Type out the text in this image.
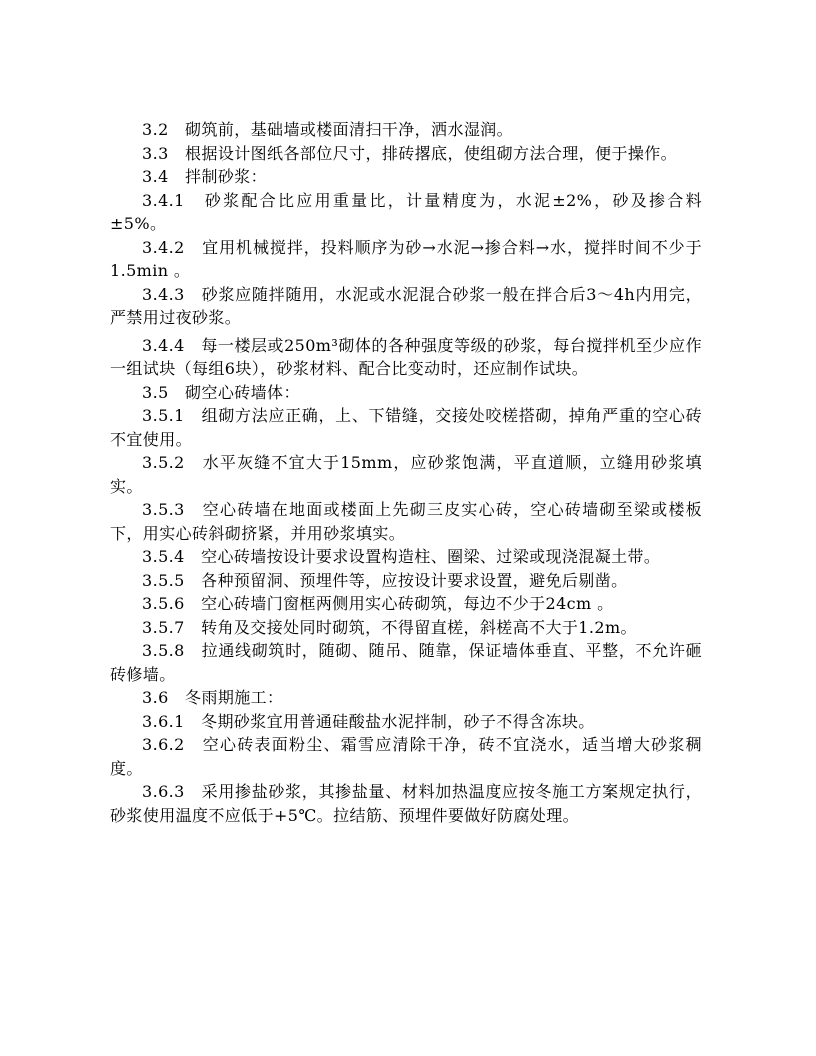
3.2　砌筑前，基础墙或楼面清扫干净，洒水湿润。

3.3　根据设计图纸各部位尺寸，排砖撂底，使组砌方法合理，便于操作。

3.4　拌制砂浆：

3.4.1　砂浆配合比应用重量比，计量精度为，水泥±2%，砂及掺合料±5%。

3.4.2　宜用机械搅拌，投料顺序为砂→水泥→掺合料→水，搅拌时间不少于1.5min 。

3.4.3　砂浆应随拌随用，水泥或水泥混合砂浆一般在拌合后3～4h内用完，严禁用过夜砂浆。

3.4.4　每一楼层或250m³砌体的各种强度等级的砂浆，每台搅拌机至少应作一组试块（每组6块），砂浆材料、配合比变动时，还应制作试块。

3.5　砌空心砖墙体：

3.5.1　组砌方法应正确，上、下错缝，交接处咬槎搭砌，掉角严重的空心砖不宜使用。

3.5.2　水平灰缝不宜大于15mm，应砂浆饱满，平直道顺，立缝用砂浆填实。

3.5.3　空心砖墙在地面或楼面上先砌三皮实心砖，空心砖墙砌至梁或楼板下，用实心砖斜砌挤紧，并用砂浆填实。

3.5.4　空心砖墙按设计要求设置构造柱、圈梁、过梁或现浇混凝土带。

3.5.5　各种预留洞、预埋件等，应按设计要求设置，避免后剔凿。

3.5.6　空心砖墙门窗框两侧用实心砖砌筑，每边不少于24cm 。

3.5.7　转角及交接处同时砌筑，不得留直槎，斜槎高不大于1.2m。

3.5.8　拉通线砌筑时，随砌、随吊、随靠，保证墙体垂直、平整，不允许砸砖修墙。

3.6　冬雨期施工：

3.6.1　冬期砂浆宜用普通硅酸盐水泥拌制，砂子不得含冻块。

3.6.2　空心砖表面粉尘、霜雪应清除干净，砖不宜浇水，适当增大砂浆稠度。

3.6.3　采用掺盐砂浆，其掺盐量、材料加热温度应按冬施工方案规定执行，砂浆使用温度不应低于+5℃。拉结筋、预埋件要做好防腐处理。
